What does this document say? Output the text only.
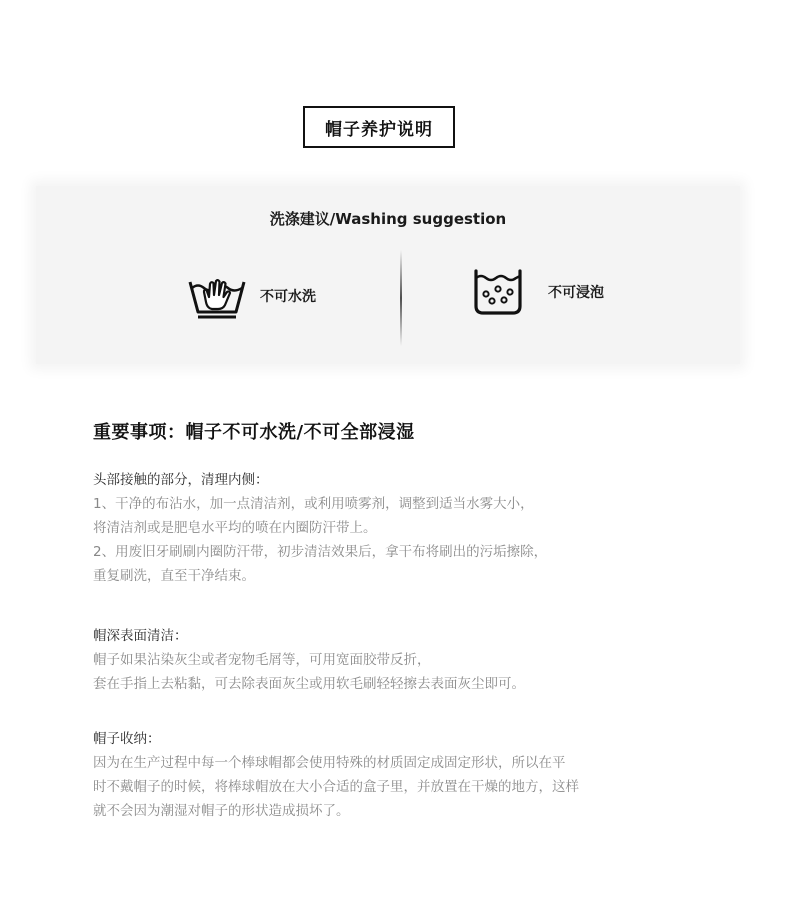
帽子养护说明
洗涤建议/Washing suggestion
不可水洗	不可浸泡
重要事项：帽子不可水洗/不可全部浸湿

头部接触的部分，清理内侧：

1、干净的布沾水，加一点清洁剂，或利用喷雾剂，调整到适当水雾大小，

将清洁剂或是肥皂水平均的喷在内圈防汗带上。

2、用废旧牙刷刷内圈防汗带，初步清洁效果后，拿干布将刷出的污垢擦除，

重复刷洗，直至干净结束。

帽深表面清洁：

帽子如果沾染灰尘或者宠物毛屑等，可用宽面胶带反折，

套在手指上去粘黏，可去除表面灰尘或用软毛刷轻轻擦去表面灰尘即可。

帽子收纳：

因为在生产过程中每一个棒球帽都会使用特殊的材质固定成固定形状，所以在平

时不戴帽子的时候，将棒球帽放在大小合适的盒子里，并放置在干燥的地方，这样

就不会因为潮湿对帽子的形状造成损坏了。
